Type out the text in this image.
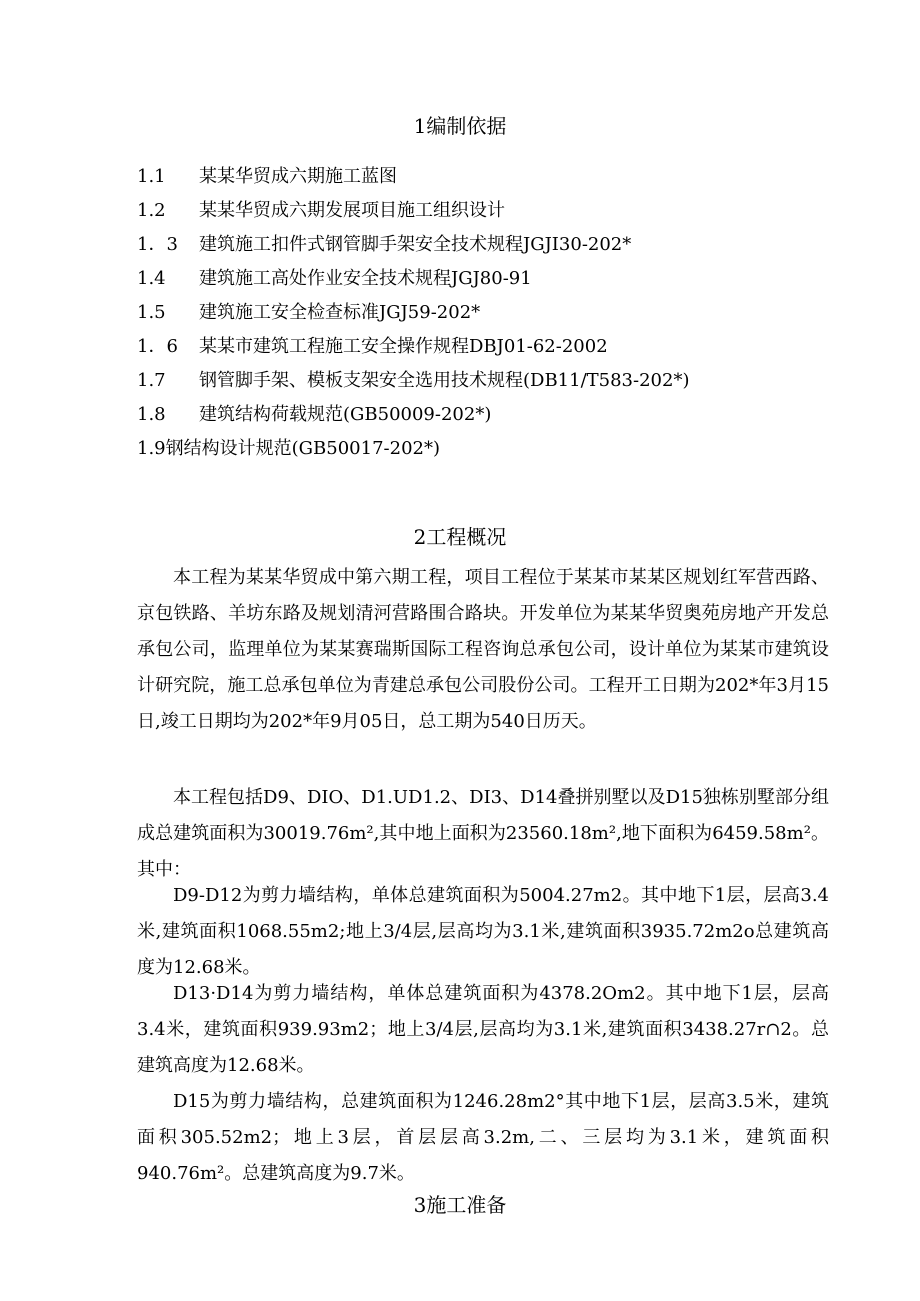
1编制依据
1.1 某某华贸成六期施工蓝图
1.2 某某华贸成六期发展项目施工组织设计
1．3 建筑施工扣件式钢管脚手架安全技术规程JGJI30-202*
1.4 建筑施工高处作业安全技术规程JGJ80-91
1.5 建筑施工安全检查标准JGJ59-202*
1．6 某某市建筑工程施工安全操作规程DBJ01-62-2002
1.7 钢管脚手架、模板支架安全选用技术规程(DB11/T583-202*)
1.8 建筑结构荷载规范(GB50009-202*)
1.9钢结构设计规范(GB50017-202*)
2工程概况

本工程为某某华贸成中第六期工程，项目工程位于某某市某某区规划红军营西路、京包铁路、羊坊东路及规划清河营路围合路块。开发单位为某某华贸奥苑房地产开发总承包公司，监理单位为某某赛瑞斯国际工程咨询总承包公司，设计单位为某某市建筑设计研究院，施工总承包单位为青建总承包公司股份公司。工程开工日期为202*年3月15日,竣工日期均为202*年9月05日，总工期为540日历天。

本工程包括D9、DIO、D1.UD1.2、DI3、D14叠拼别墅以及D15独栋别墅部分组成总建筑面积为30019.76m²,其中地上面积为23560.18m²,地下面积为6459.58m²。其中：

D9-D12为剪力墙结构，单体总建筑面积为5004.27m2。其中地下1层，层高3.4米,建筑面积1068.55m2;地上3/4层,层高均为3.1米,建筑面积3935.72m2o总建筑高度为12.68米。

D13·D14为剪力墙结构，单体总建筑面积为4378.2Om2。其中地下1层，层高3.4米，建筑面积939.93m2；地上3/4层,层高均为3.1米,建筑面积3438.27r∩2。总建筑高度为12.68米。

D15为剪力墙结构，总建筑面积为1246.28m2°其中地下1层，层高3.5米，建筑面积305.52m2；地上3层，首层层高3.2m,二、三层均为3.1米，建筑面积940.76m²。总建筑高度为9.7米。

3施工准备
